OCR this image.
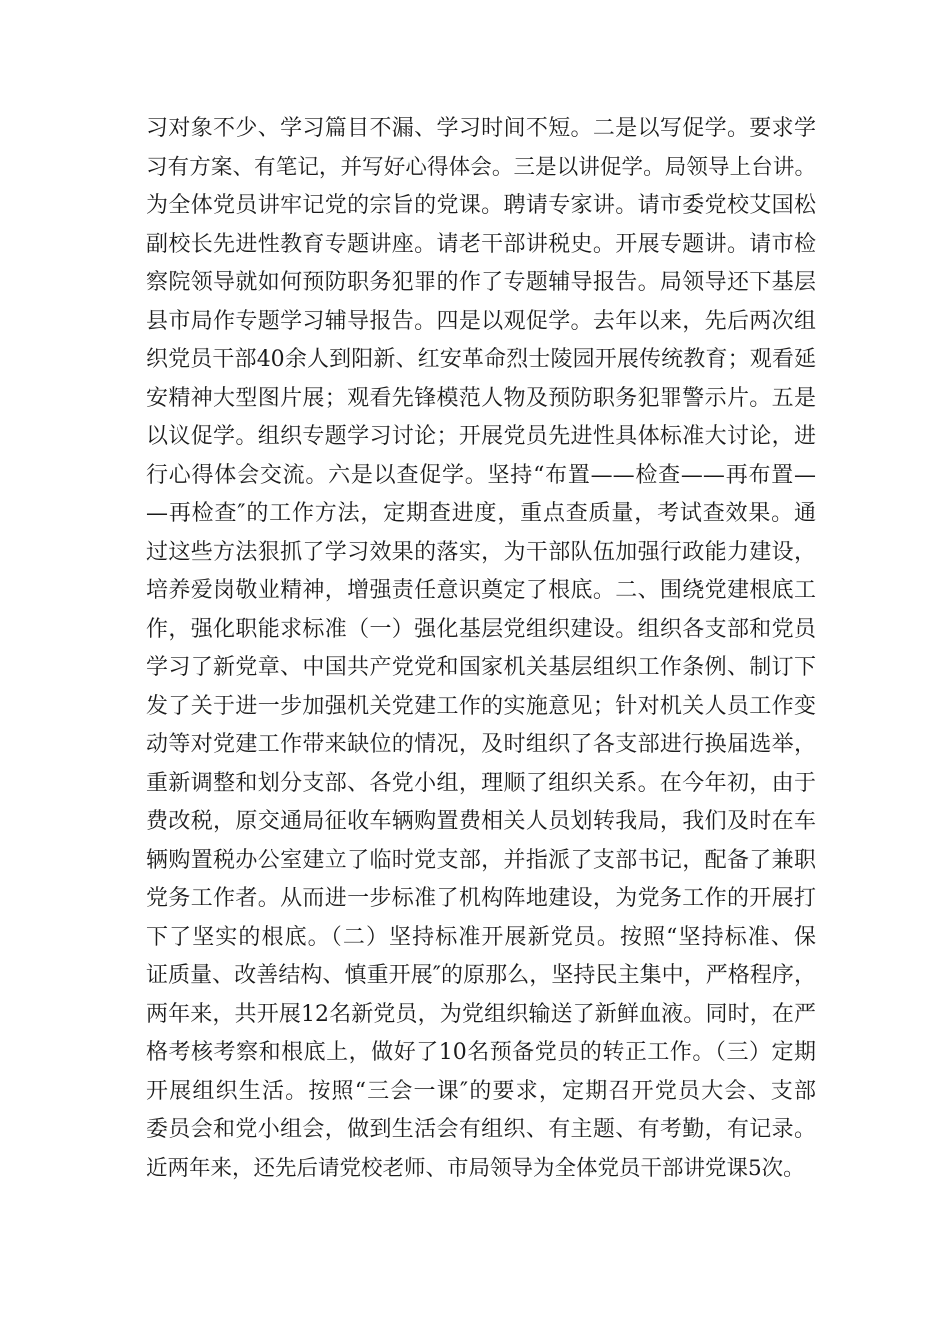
习对象不少、学习篇目不漏、学习时间不短。二是以写促学。要求学
习有方案、有笔记，并写好心得体会。三是以讲促学。局领导上台讲。
为全体党员讲牢记党的宗旨的党课。聘请专家讲。请市委党校艾国松
副校长先进性教育专题讲座。请老干部讲税史。开展专题讲。请市检
察院领导就如何预防职务犯罪的作了专题辅导报告。局领导还下基层
县市局作专题学习辅导报告。四是以观促学。去年以来，先后两次组
织党员干部40余人到阳新、红安革命烈士陵园开展传统教育；观看延
安精神大型图片展；观看先锋模范人物及预防职务犯罪警示片。五是
以议促学。组织专题学习讨论；开展党员先进性具体标准大讨论，进
行心得体会交流。六是以查促学。坚持“布置——检查——再布置—
—再检查″的工作方法，定期查进度，重点查质量，考试查效果。通
过这些方法狠抓了学习效果的落实，为干部队伍加强行政能力建设，
培养爱岗敬业精神，增强责任意识奠定了根底。二、围绕党建根底工
作，强化职能求标准（一）强化基层党组织建设。组织各支部和党员
学习了新党章、中国共产党党和国家机关基层组织工作条例、制订下
发了关于进一步加强机关党建工作的实施意见；针对机关人员工作变
动等对党建工作带来缺位的情况，及时组织了各支部进行换届选举，
重新调整和划分支部、各党小组，理顺了组织关系。在今年初，由于
费改税，原交通局征收车辆购置费相关人员划转我局，我们及时在车
辆购置税办公室建立了临时党支部，并指派了支部书记，配备了兼职
党务工作者。从而进一步标准了机构阵地建设，为党务工作的开展打
下了坚实的根底。（二）坚持标准开展新党员。按照“坚持标准、保
证质量、改善结构、慎重开展″的原那么，坚持民主集中，严格程序，
两年来，共开展12名新党员，为党组织输送了新鲜血液。同时，在严
格考核考察和根底上，做好了10名预备党员的转正工作。（三）定期
开展组织生活。按照“三会一课″的要求，定期召开党员大会、支部
委员会和党小组会，做到生活会有组织、有主题、有考勤，有记录。
近两年来，还先后请党校老师、市局领导为全体党员干部讲党课5次。
